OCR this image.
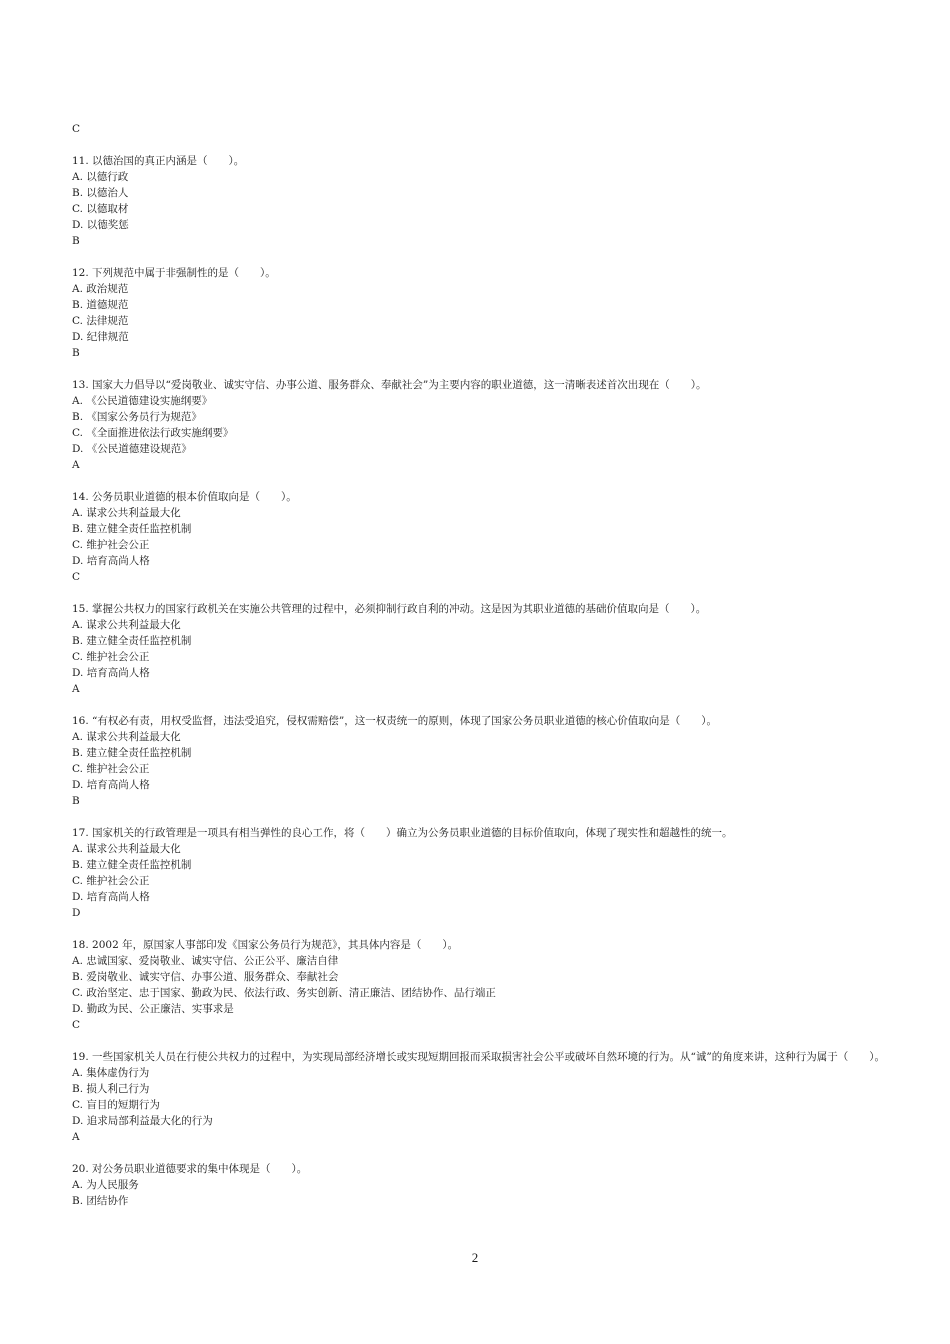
C
11. 以德治国的真正内涵是（　　）。
A. 以德行政
B. 以德治人
C. 以德取材
D. 以德奖惩
B
12. 下列规范中属于非强制性的是（　　）。
A. 政治规范
B. 道德规范
C. 法律规范
D. 纪律规范
B
13. 国家大力倡导以“爱岗敬业、诚实守信、办事公道、服务群众、奉献社会”为主要内容的职业道德，这一清晰表述首次出现在（　　）。
A. 《公民道德建设实施纲要》
B. 《国家公务员行为规范》
C. 《全面推进依法行政实施纲要》
D. 《公民道德建设规范》
A
14. 公务员职业道德的根本价值取向是（　　）。
A. 谋求公共利益最大化
B. 建立健全责任监控机制
C. 维护社会公正
D. 培育高尚人格
C
15. 掌握公共权力的国家行政机关在实施公共管理的过程中，必须抑制行政自利的冲动。这是因为其职业道德的基础价值取向是（　　）。
A. 谋求公共利益最大化
B. 建立健全责任监控机制
C. 维护社会公正
D. 培育高尚人格
A
16. “有权必有责，用权受监督，违法受追究，侵权需赔偿”，这一权责统一的原则，体现了国家公务员职业道德的核心价值取向是（　　）。
A. 谋求公共利益最大化
B. 建立健全责任监控机制
C. 维护社会公正
D. 培育高尚人格
B
17. 国家机关的行政管理是一项具有相当弹性的良心工作，将（　　）确立为公务员职业道德的目标价值取向，体现了现实性和超越性的统一。
A. 谋求公共利益最大化
B. 建立健全责任监控机制
C. 维护社会公正
D. 培育高尚人格
D
18. 2002 年，原国家人事部印发《国家公务员行为规范》，其具体内容是（　　）。
A. 忠诚国家、爱岗敬业、诚实守信、公正公平、廉洁自律
B. 爱岗敬业、诚实守信、办事公道、服务群众、奉献社会
C. 政治坚定、忠于国家、勤政为民、依法行政、务实创新、清正廉洁、团结协作、品行端正
D. 勤政为民、公正廉洁、实事求是
C
19. 一些国家机关人员在行使公共权力的过程中，为实现局部经济增长或实现短期回报而采取损害社会公平或破坏自然环境的行为。从“诚”的角度来讲，这种行为属于（　　）。
A. 集体虚伪行为
B. 损人利己行为
C. 盲目的短期行为
D. 追求局部利益最大化的行为
A
20. 对公务员职业道德要求的集中体现是（　　）。
A. 为人民服务
B. 团结协作
2
